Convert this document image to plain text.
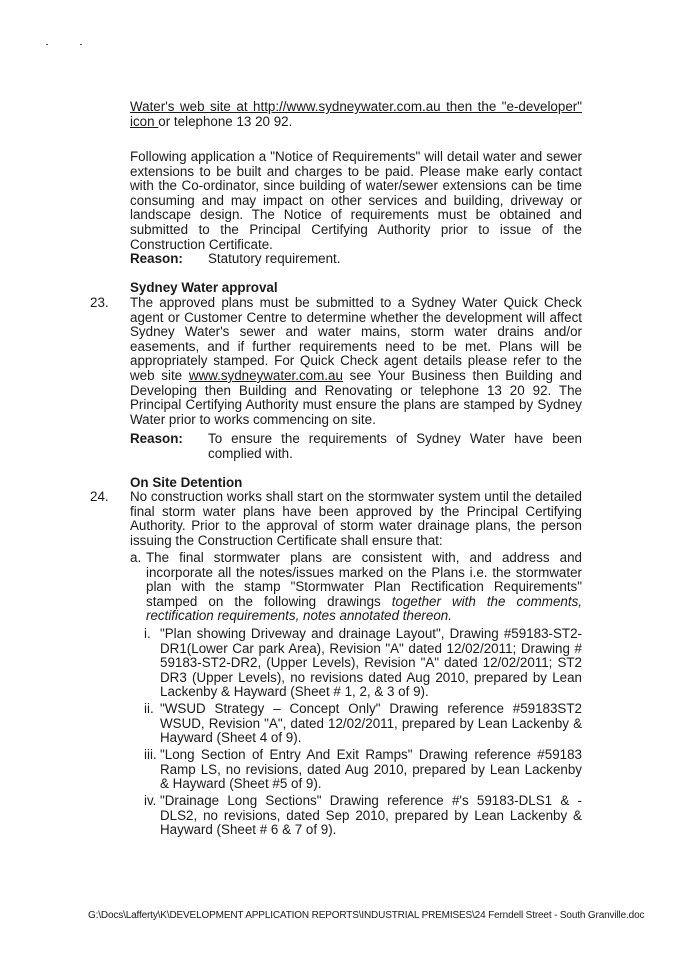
Water's web site at http://www.sydneywater.com.au then the "e-developer"
icon or telephone 13 20 92.
Following application a "Notice of Requirements" will detail water and sewer extensions to be built and charges to be paid. Please make early contact with the Co-ordinator, since building of water/sewer extensions can be time consuming and may impact on other services and building, driveway or landscape design. The Notice of requirements must be obtained and submitted to the Principal Certifying Authority prior to issue of the Construction Certificate.
Reason: Statutory requirement.
Sydney Water approval
23. The approved plans must be submitted to a Sydney Water Quick Check agent or Customer Centre to determine whether the development will affect Sydney Water's sewer and water mains, storm water drains and/or easements, and if further requirements need to be met. Plans will be appropriately stamped. For Quick Check agent details please refer to the web site www.sydneywater.com.au see Your Business then Building and Developing then Building and Renovating or telephone 13 20 92. The Principal Certifying Authority must ensure the plans are stamped by Sydney Water prior to works commencing on site.
Reason: To ensure the requirements of Sydney Water have been complied with.
On Site Detention
24. No construction works shall start on the stormwater system until the detailed final storm water plans have been approved by the Principal Certifying Authority. Prior to the approval of storm water drainage plans, the person issuing the Construction Certificate shall ensure that:
a. The final stormwater plans are consistent with, and address and incorporate all the notes/issues marked on the Plans i.e. the stormwater plan with the stamp "Stormwater Plan Rectification Requirements" stamped on the following drawings together with the comments, rectification requirements, notes annotated thereon.
i. "Plan showing Driveway and drainage Layout", Drawing #59183-ST2-DR1(Lower Car park Area), Revision "A" dated 12/02/2011; Drawing # 59183-ST2-DR2, (Upper Levels), Revision "A" dated 12/02/2011; ST2 DR3 (Upper Levels), no revisions dated Aug 2010, prepared by Lean Lackenby & Hayward (Sheet # 1, 2, & 3 of 9).
ii. "WSUD Strategy – Concept Only" Drawing reference #59183ST2 WSUD, Revision "A", dated 12/02/2011, prepared by Lean Lackenby & Hayward (Sheet 4 of 9).
iii. "Long Section of Entry And Exit Ramps" Drawing reference #59183 Ramp LS, no revisions, dated Aug 2010, prepared by Lean Lackenby & Hayward (Sheet #5 of 9).
iv. "Drainage Long Sections" Drawing reference #'s 59183-DLS1 & -DLS2, no revisions, dated Sep 2010, prepared by Lean Lackenby & Hayward (Sheet # 6 & 7 of 9).
G:\Docs\Lafferty\K\DEVELOPMENT APPLICATION REPORTS\INDUSTRIAL PREMISES\24 Ferndell Street - South Granville.doc
